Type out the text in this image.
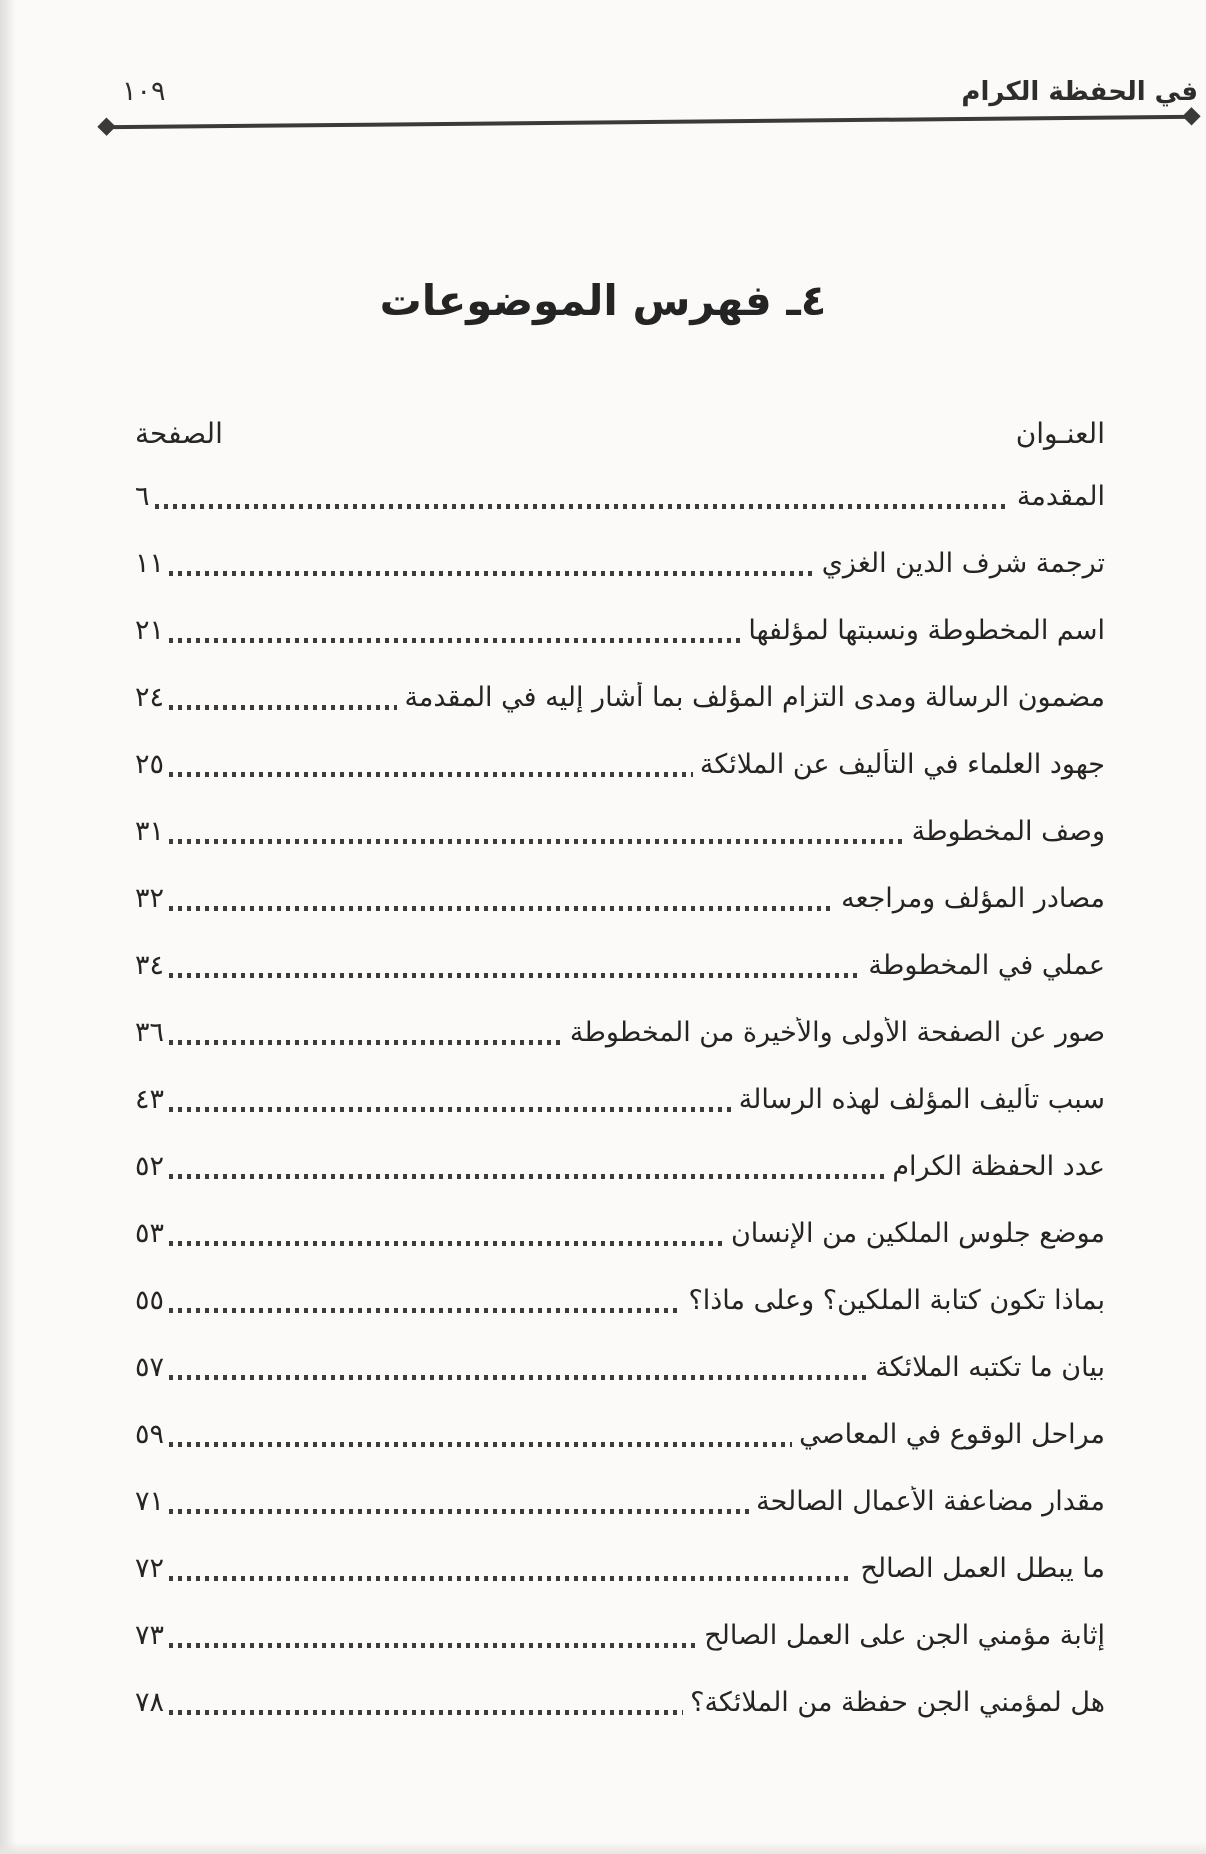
في الحفظة الكرام
١٠٩
٤ـ فهرس الموضوعات
العنـوان
الصفحة
المقدمة
٦
ترجمة شرف الدين الغزي
١١
اسم المخطوطة ونسبتها لمؤلفها
٢١
مضمون الرسالة ومدى التزام المؤلف بما أشار إليه في المقدمة
٢٤
جهود العلماء في التأليف عن الملائكة
٢٥
وصف المخطوطة
٣١
مصادر المؤلف ومراجعه
٣٢
عملي في المخطوطة
٣٤
صور عن الصفحة الأولى والأخيرة من المخطوطة
٣٦
سبب تأليف المؤلف لهذه الرسالة
٤٣
عدد الحفظة الكرام
٥٢
موضع جلوس الملكين من الإنسان
٥٣
بماذا تكون كتابة الملكين؟ وعلى ماذا؟
٥٥
بيان ما تكتبه الملائكة
٥٧
مراحل الوقوع في المعاصي
٥٩
مقدار مضاعفة الأعمال الصالحة
٧١
ما يبطل العمل الصالح
٧٢
إثابة مؤمني الجن على العمل الصالح
٧٣
هل لمؤمني الجن حفظة من الملائكة؟
٧٨
